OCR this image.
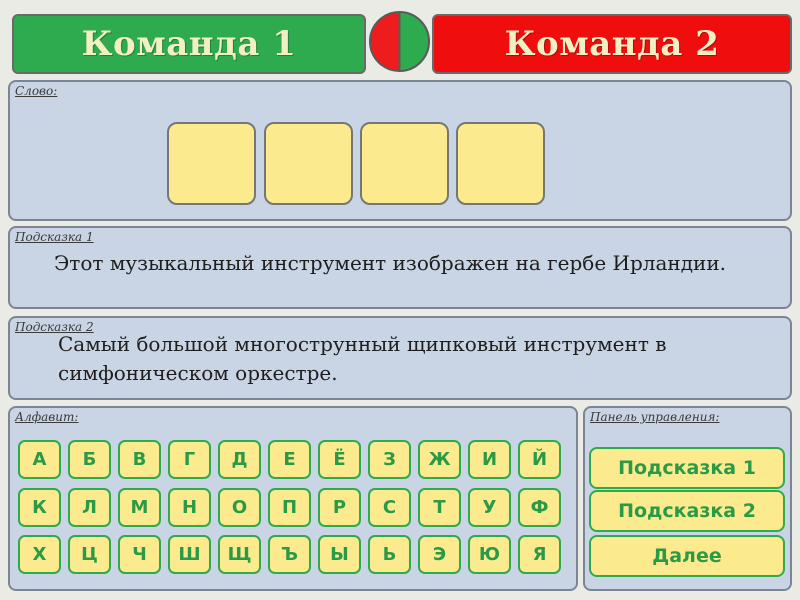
Команда 1	Команда 2
Слово:
Подсказка 1
Этот музыкальный инструмент изображен на гербе Ирландии.
Подсказка 2
Самый большой многострунный щипковый инструмент в симфоническом оркестре.
Алфавит:
А	Б	В	Г	Д	Е	Ё	З	Ж	И	Й
К	Л	М	Н	О	П	Р	С	Т	У	Ф
Х	Ц	Ч	Ш	Щ	Ъ	Ы	Ь	Э	Ю	Я
Панель управления:
Подсказка 1
Подсказка 2
Далее
